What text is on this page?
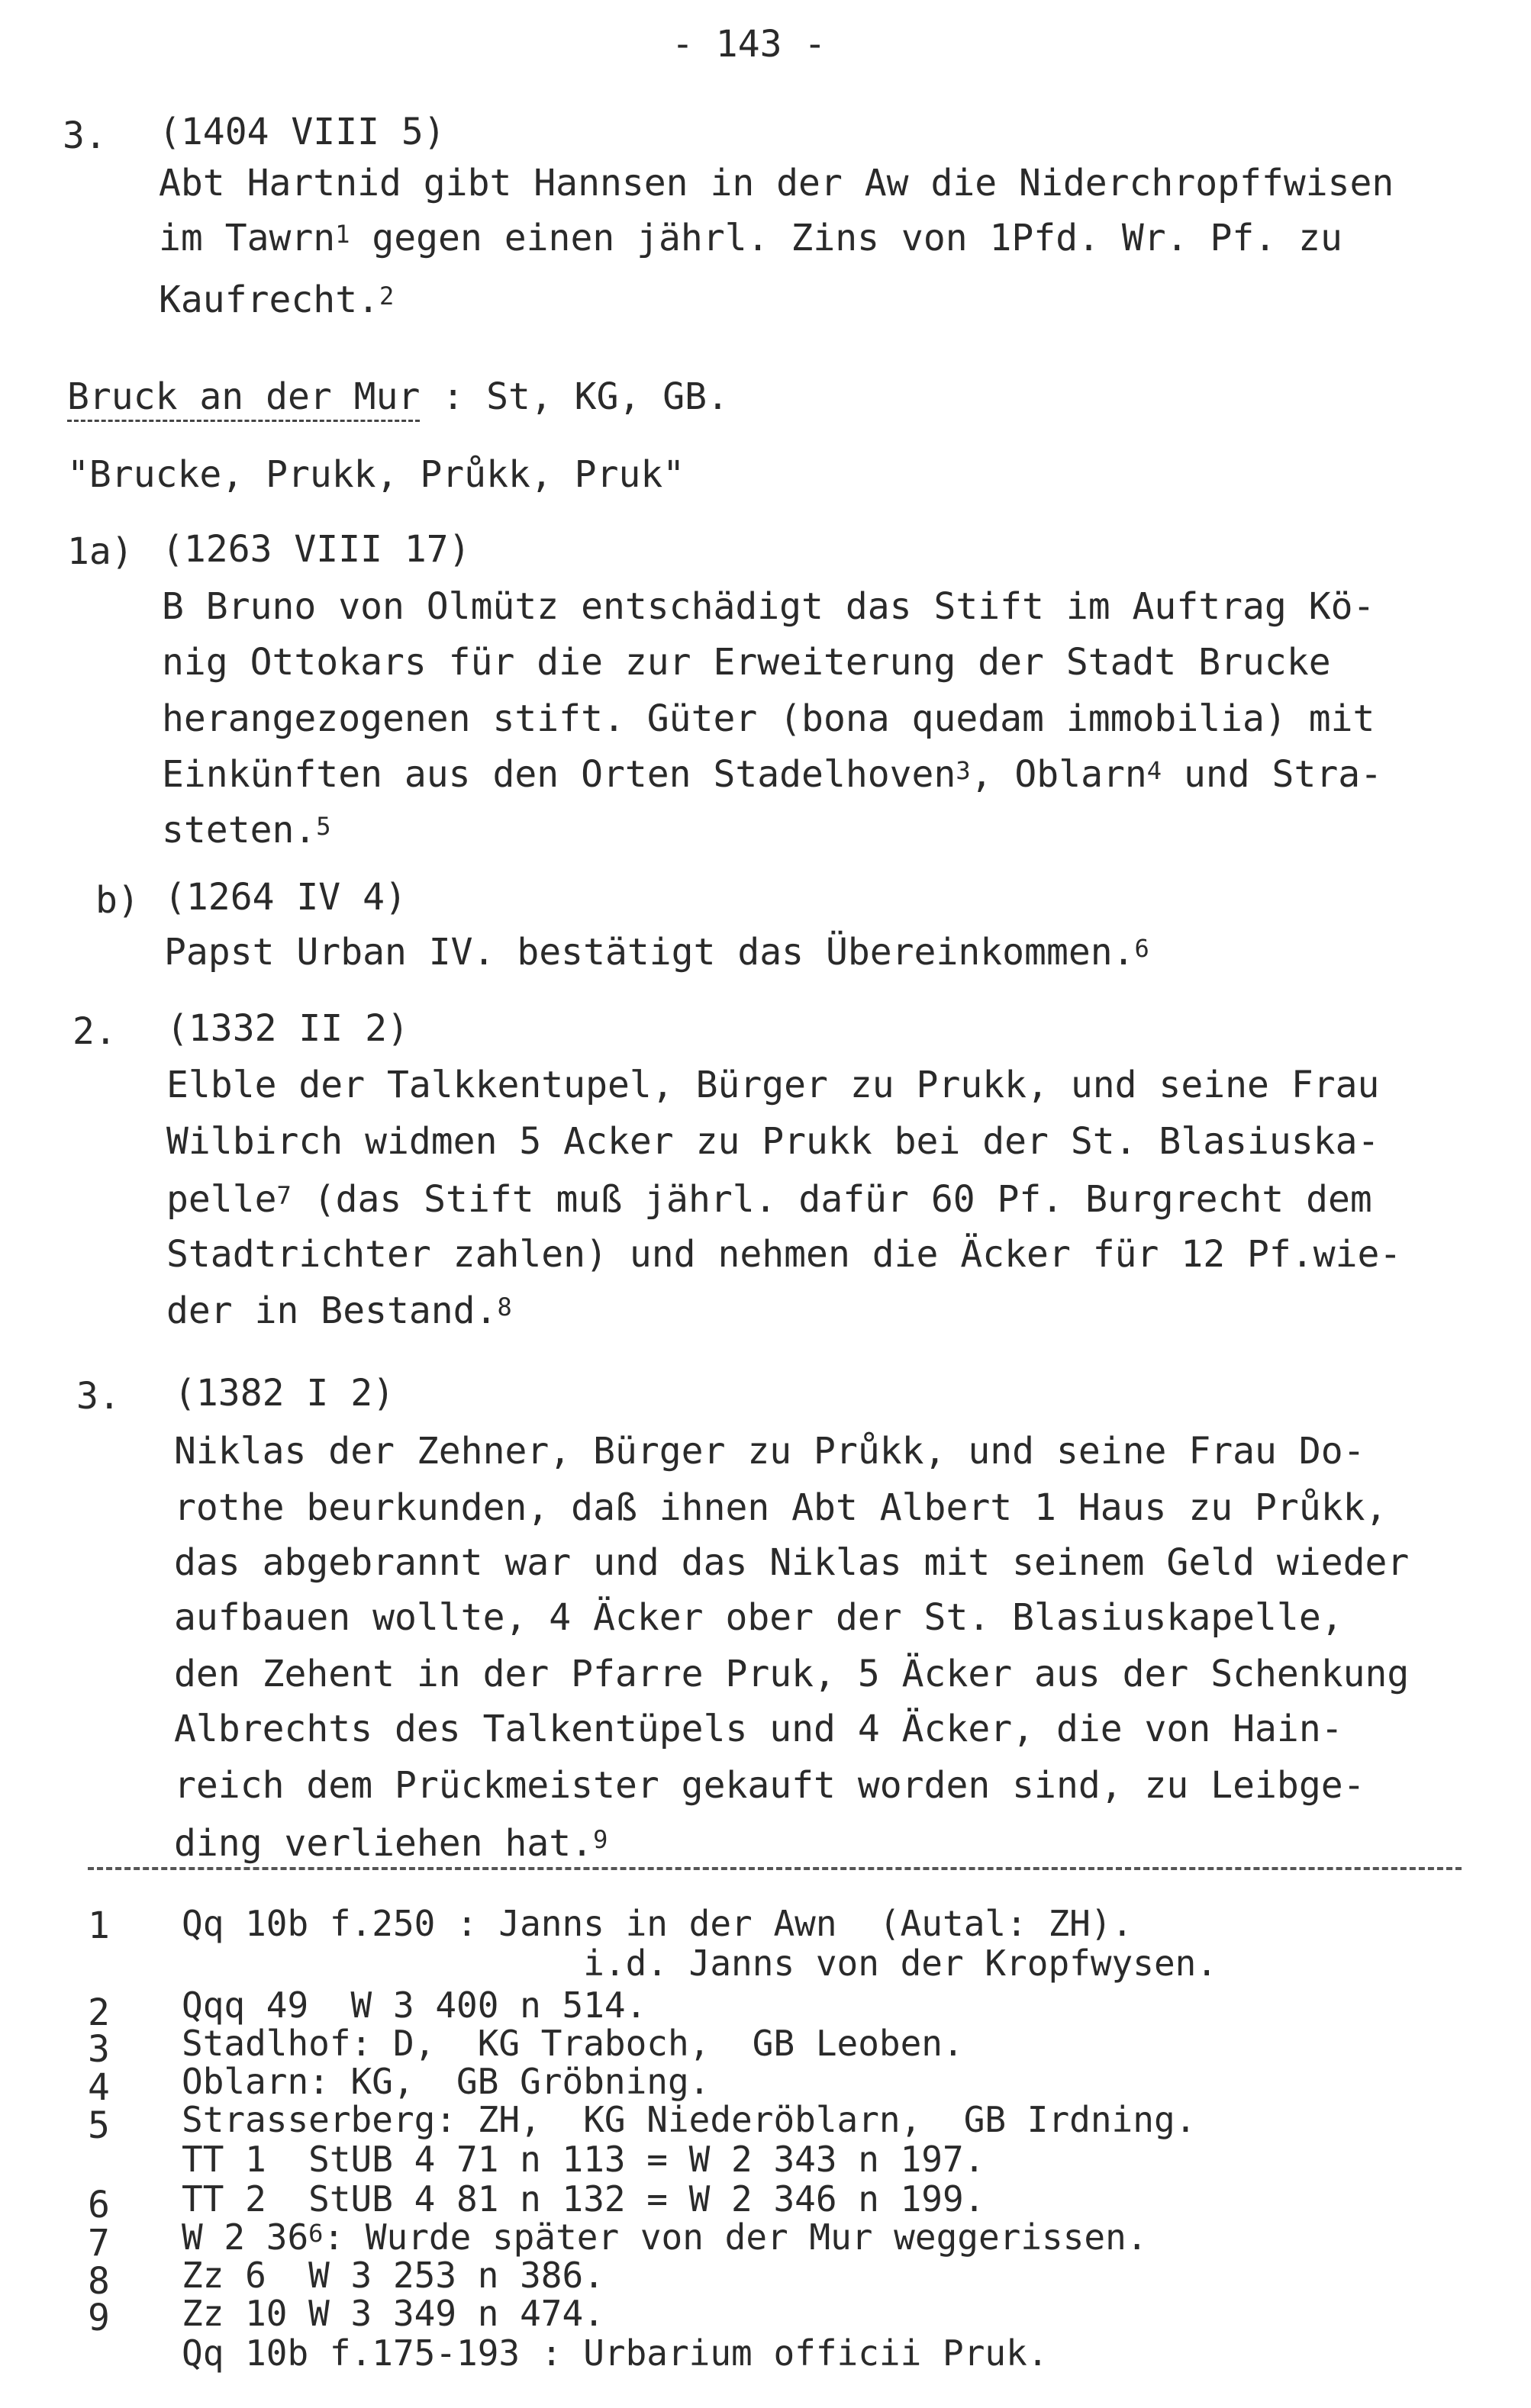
- 143 -
3. (1404 VIII 5)
Abt Hartnid gibt Hannsen in der Aw die Niderchropffwisen
im Tawrn$^1$ gegen einen jährl. Zins von 1Pfd. Wr. Pf. zu
Kaufrecht.$^2$
Bruck an der Mur : St, KG, GB.
"Brucke, Prukk, Průkk, Pruk"
1a) (1263 VIII 17)
B Bruno von Olmütz entschädigt das Stift im Auftrag Kö-
nig Ottokars für die zur Erweiterung der Stadt Brucke
herangezogenen stift. Güter (bona quedam immobilia) mit
Einkünften aus den Orten Stadelhoven$^3$, Oblarn$^4$ und Stra-
steten.$^5$
b) (1264 IV 4)
Papst Urban IV. bestätigt das Übereinkommen.$^6$
2. (1332 II 2)
Elble der Talkkentupel, Bürger zu Prukk, und seine Frau
Wilbirch widmen 5 Acker zu Prukk bei der St. Blasiuska-
pelle$^7$ (das Stift muß jährl. dafür 60 Pf. Burgrecht dem
Stadtrichter zahlen) und nehmen die Äcker für 12 Pf.wie-
der in Bestand.$^8$
3. (1382 I 2)
Niklas der Zehner, Bürger zu Průkk, und seine Frau Do-
rothe beurkunden, daß ihnen Abt Albert 1 Haus zu Průkk,
das abgebrannt war und das Niklas mit seinem Geld wieder
aufbauen wollte, 4 Äcker ober der St. Blasiuskapelle,
den Zehent in der Pfarre Pruk, 5 Äcker aus der Schenkung
Albrechts des Talkentüpels und 4 Äcker, die von Hain-
reich dem Prückmeister gekauft worden sind, zu Leibge-
ding verliehen hat.$^9$
1 Qq 10b f.250 : Janns in der Awn  (Autal: ZH).
i.d. Janns von der Kropfwysen.
2 Qqq 49  W 3 400 n 514.
3 Stadlhof: D,  KG Traboch,  GB Leoben.
4 Oblarn: KG,  GB Gröbning.
5 Strasserberg: ZH,  KG Niederöblarn,  GB Irdning.
TT 1  StUB 4 71 n 113 = W 2 343 n 197.
6 TT 2  StUB 4 81 n 132 = W 2 346 n 199.
7 W 2 $36^6$: Wurde später von der Mur weggerissen.
8 Zz 6  W 3 253 n 386.
9 Zz 10 W 3 349 n 474.
Qq 10b f.175-193 : Urbarium officii Pruk.
